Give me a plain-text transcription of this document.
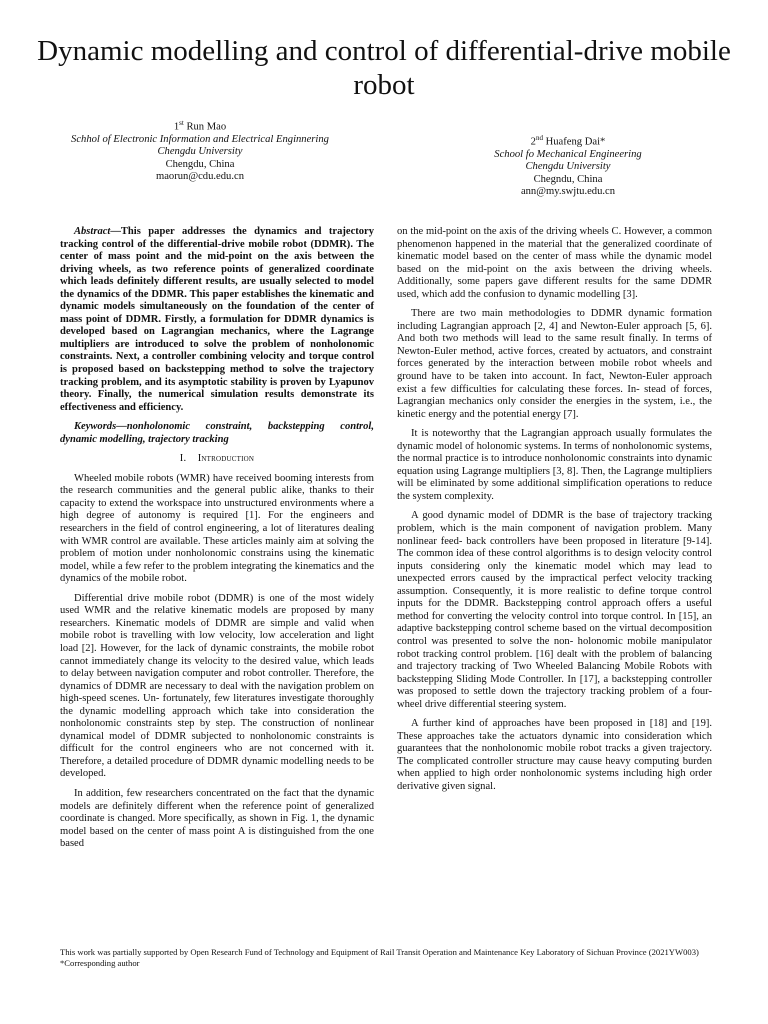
Dynamic modelling and control of differential-drive mobile robot
1st Run Mao
Schhol of Electronic Information and Electrical Enginnering
Chengdu University
Chengdu, China
maorun@cdu.edu.cn
2nd Huafeng Dai*
School fo Mechanical Engineering
Chengdu University
Chegndu, China
ann@my.swjtu.edu.cn

Abstract—This paper addresses the dynamics and trajectory tracking control of the differential-drive mobile robot (DDMR). The center of mass point and the mid-point on the axis between the driving wheels, as two reference points of generalized coordinate which leads definitely different results, are usually selected to model the dynamics of the DDMR. This paper establishes the kinematic and dynamic models simultaneously on the foundation of the center of mass point of DDMR. Firstly, a formulation for DDMR dynamics is developed based on Lagrangian mechanics, where the Lagrange multipliers are introduced to solve the problem of nonholonomic constraints. Next, a controller combining velocity and torque control is proposed based on backstepping method to solve the trajectory tracking problem, and its asymptotic stability is proven by Lyapunov theory. Finally, the numerical simulation results demonstrate its effectiveness and efficiency.

Keywords—nonholonomic constraint, backstepping control, dynamic modelling, trajectory tracking

I. Introduction

Wheeled mobile robots (WMR) have received booming interests from the research communities and the general public alike, thanks to their capacity to extend the workspace into unstructured environments where a high degree of autonomy is required [1]. For the engineers and researchers in the field of control engineering, a lot of literatures dealing with WMR control are available. These articles mainly aim at solving the problem of motion under nonholonomic constrains using the kinematic model, while a few refer to the problem integrating the kinematics and the dynamics of the mobile robot.

Differential drive mobile robot (DDMR) is one of the most widely used WMR and the relative kinematic models are proposed by many researchers. Kinematic models of DDMR are simple and valid when mobile robot is travelling with low velocity, low acceleration and light load [2]. However, for the lack of dynamic constraints, the mobile robot cannot immediately change its velocity to the desired value, which leads to delay between navigation computer and robot controller. Therefore, the dynamics of DDMR are necessary to deal with the navigation problem on high-speed scenes. Un- fortunately, few literatures investigate thoroughly the dynamic modelling approach which take into consideration the nonholonomic constraints step by step. The construction of nonlinear dynamical model of DDMR subjected to nonholonomic constraints is difficult for the control engineers who are not concerned with it. Therefore, a detailed procedure of DDMR dynamic modelling needs to be developed.

In addition, few researchers concentrated on the fact that the dynamic models are definitely different when the reference point of generalized coordinate is changed. More specifically, as shown in Fig. 1, the dynamic model based on the center of mass point A is distinguished from the one based

on the mid-point on the axis of the driving wheels C. However, a common phenomenon happened in the material that the generalized coordinate of kinematic model based on the center of mass while the dynamic model based on the mid-point on the axis between the driving wheels. Additionally, some papers gave different results for the same DDMR used, which add the confusion to dynamic modelling [3].

There are two main methodologies to DDMR dynamic formation including Lagrangian approach [2, 4] and Newton-Euler approach [5, 6]. And both two methods will lead to the same result finally. In terms of Newton-Euler method, active forces, created by actuators, and constraint forces generated by the interaction between mobile robot wheels and ground have to be taken into account. In fact, Newton-Euler approach exist a few difficulties for calculating these forces. In- stead of forces, Lagrangian mechanics only consider the energies in the system, i.e., the kinetic energy and the potential energy [7].

It is noteworthy that the Lagrangian approach usually formulates the dynamic model of holonomic systems. In terms of nonholonomic systems, the normal practice is to introduce nonholonomic constraints into dynamic equation using Lagrange multipliers [3, 8]. Then, the Lagrange multipliers will be eliminated by some additional simplification operations to reduce the system complexity.

A good dynamic model of DDMR is the base of trajectory tracking problem, which is the main component of navigation problem. Many nonlinear feed- back controllers have been proposed in literature [9-14]. The common idea of these control algorithms is to design velocity control inputs considering only the kinematic model which may lead to unexpected errors caused by the impractical perfect velocity tracking assumption. Consequently, it is more realistic to define torque control inputs for the DDMR. Backstepping control approach offers a useful method for converting the velocity control into torque control. In [15], an adaptive backstepping control scheme based on the virtual decomposition control was presented to solve the non- holonomic mobile manipulator robot tracking control problem. [16] dealt with the problem of balancing and trajectory tracking of Two Wheeled Balancing Mobile Robots with backstepping Sliding Mode Controller. In [17], a backstepping controller was proposed to settle down the trajectory tracking problem of a four-wheel drive differential steering system.

A further kind of approaches have been proposed in [18] and [19]. These approaches take the actuators dynamic into consideration which guarantees that the nonholonomic mobile robot tracks a given trajectory. The complicated controller structure may cause heavy computing burden when applied to high order nonholonomic systems including high order derivative given signal.

This work was partially supported by Open Research Fund of Technology and Equipment of Rail Transit Operation and Maintenance Key Laboratory of Sichuan Province (2021YW003)
*Corresponding author
